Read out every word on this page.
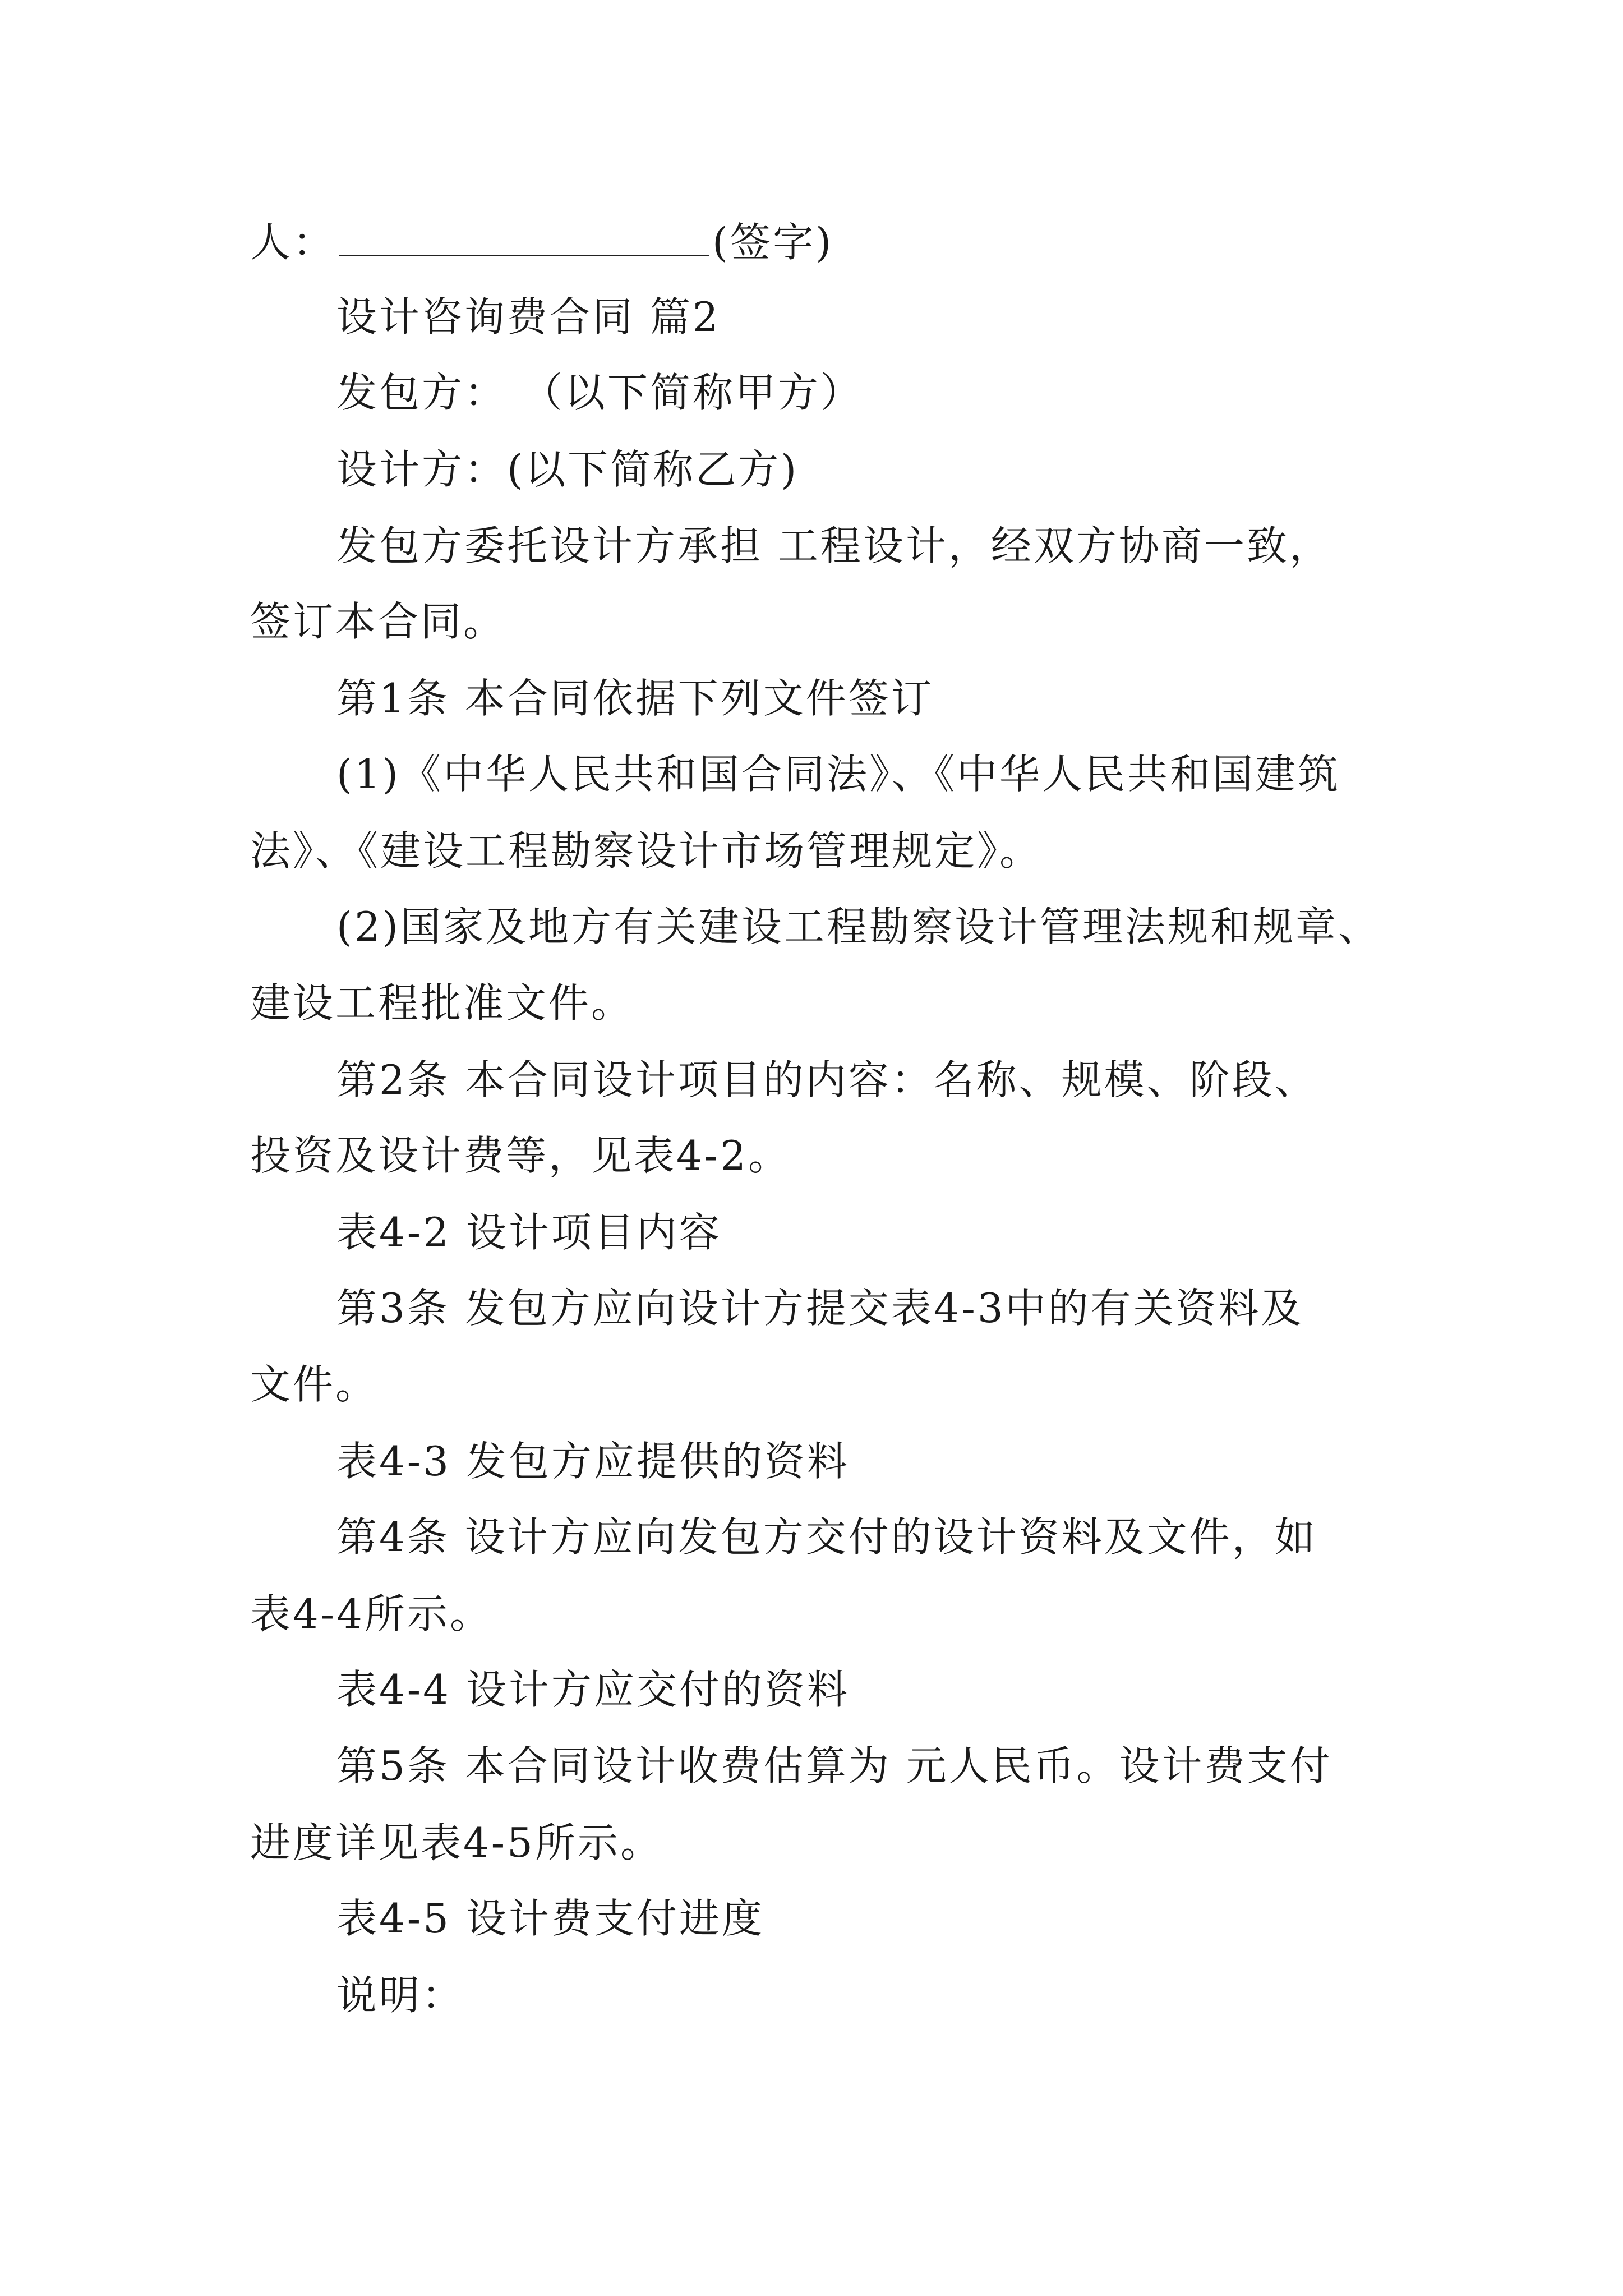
人：	(签字)
设计咨询费合同 篇2
发包方： （以下简称甲方）
设计方：(以下简称乙方)
发包方委托设计方承担 工程设计，经双方协商一致，
签订本合同。
第1条 本合同依据下列文件签订
(1)《中华人民共和国合同法》、《中华人民共和国建筑
法》、《建设工程勘察设计市场管理规定》。
(2)国家及地方有关建设工程勘察设计管理法规和规章、
建设工程批准文件。
第2条 本合同设计项目的内容：名称、规模、阶段、
投资及设计费等，见表4-2。
表4-2 设计项目内容
第3条 发包方应向设计方提交表4-3中的有关资料及
文件。
表4-3 发包方应提供的资料
第4条 设计方应向发包方交付的设计资料及文件，如
表4-4所示。
表4-4 设计方应交付的资料
第5条 本合同设计收费估算为 元人民币。设计费支付
进度详见表4-5所示。
表4-5 设计费支付进度
说明：
